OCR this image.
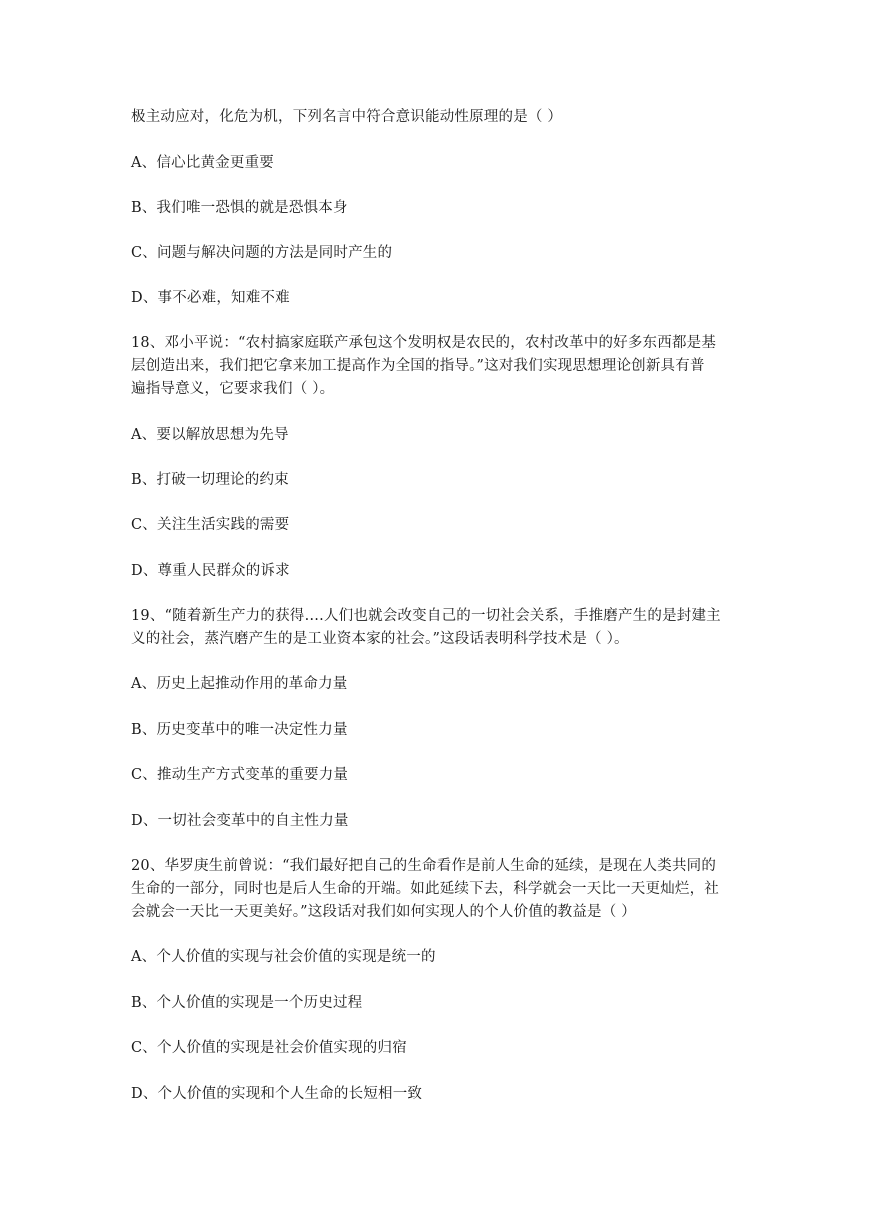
极主动应对，化危为机，下列名言中符合意识能动性原理的是（ ）
A、信心比黄金更重要
B、我们唯一恐惧的就是恐惧本身
C、问题与解决问题的方法是同时产生的
D、事不必难，知难不难
18、邓小平说：“农村搞家庭联产承包这个发明权是农民的，农村改革中的好多东西都是基
层创造出来，我们把它拿来加工提高作为全国的指导。”这对我们实现思想理论创新具有普
遍指导意义，它要求我们（ ）。
A、要以解放思想为先导
B、打破一切理论的约束
C、关注生活实践的需要
D、尊重人民群众的诉求
19、“随着新生产力的获得….人们也就会改变自己的一切社会关系，手推磨产生的是封建主
义的社会，蒸汽磨产生的是工业资本家的社会。”这段话表明科学技术是（ ）。
A、历史上起推动作用的革命力量
B、历史变革中的唯一决定性力量
C、推动生产方式变革的重要力量
D、一切社会变革中的自主性力量
20、华罗庚生前曾说：“我们最好把自己的生命看作是前人生命的延续，是现在人类共同的
生命的一部分，同时也是后人生命的开端。如此延续下去，科学就会一天比一天更灿烂，社
会就会一天比一天更美好。”这段话对我们如何实现人的个人价值的教益是（ ）
A、个人价值的实现与社会价值的实现是统一的
B、个人价值的实现是一个历史过程
C、个人价值的实现是社会价值实现的归宿
D、个人价值的实现和个人生命的长短相一致
